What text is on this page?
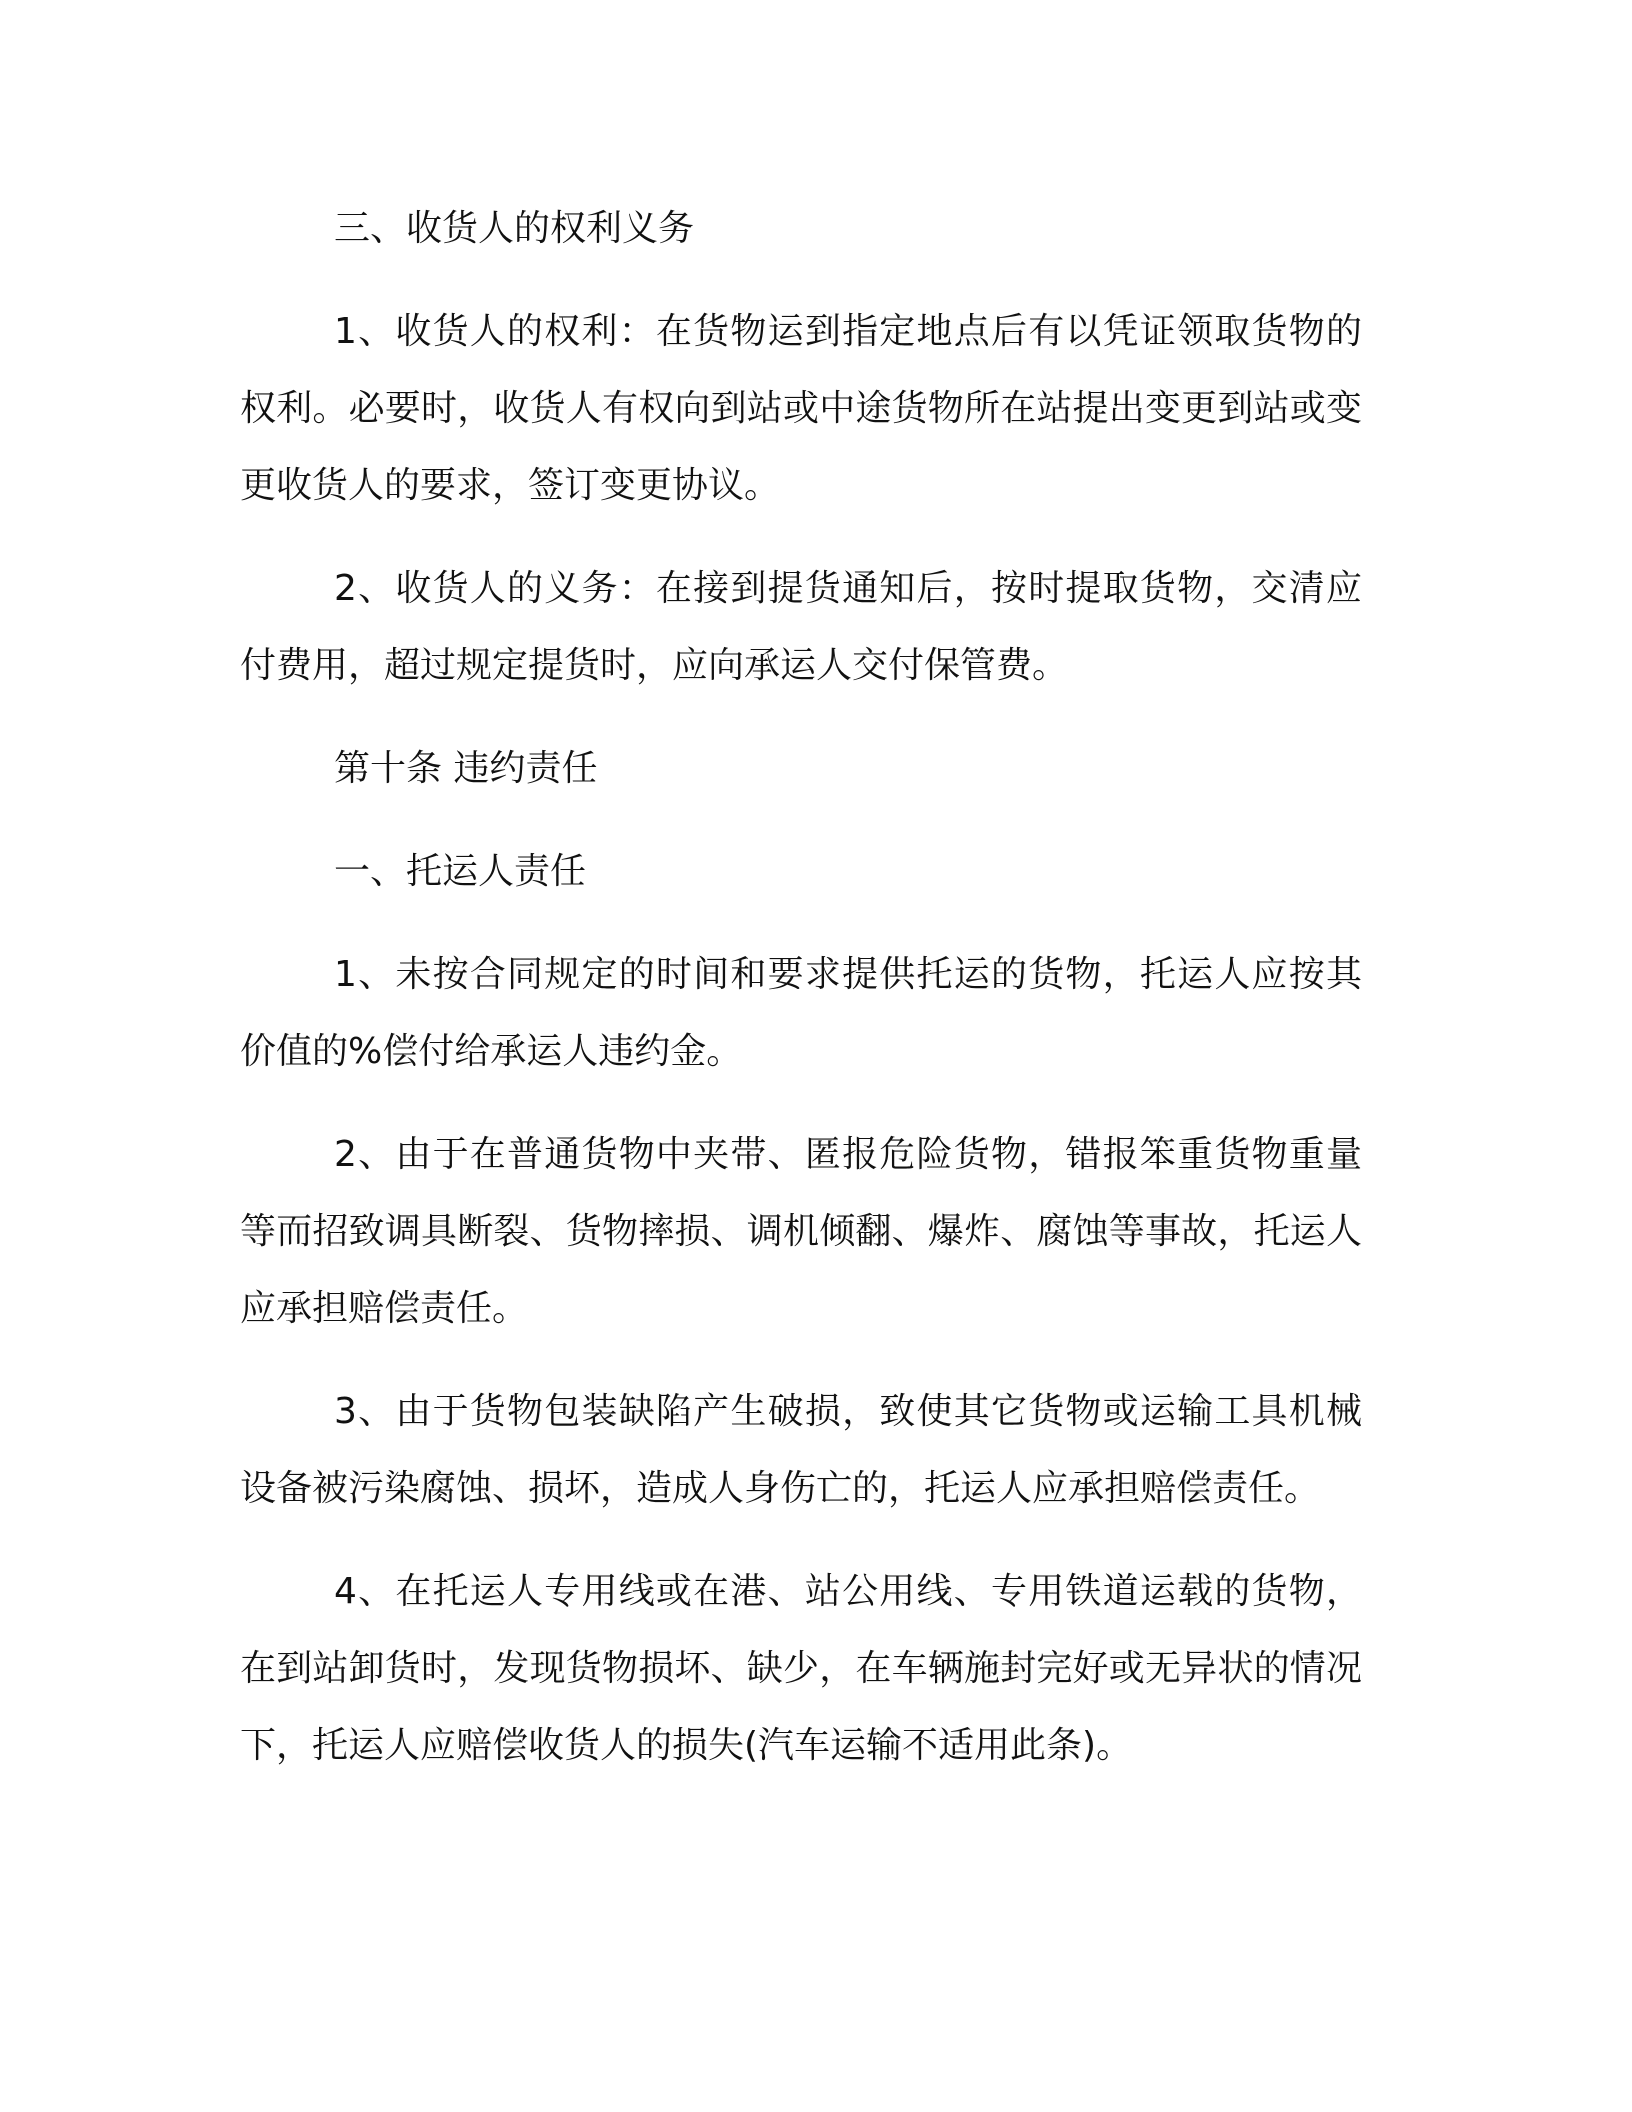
三、收货人的权利义务

1、收货人的权利：在货物运到指定地点后有以凭证领取货物的权利。必要时，收货人有权向到站或中途货物所在站提出变更到站或变更收货人的要求，签订变更协议。

2、收货人的义务：在接到提货通知后，按时提取货物，交清应付费用，超过规定提货时，应向承运人交付保管费。

第十条 违约责任

一、托运人责任

1、未按合同规定的时间和要求提供托运的货物，托运人应按其价值的%偿付给承运人违约金。

2、由于在普通货物中夹带、匿报危险货物，错报笨重货物重量等而招致调具断裂、货物摔损、调机倾翻、爆炸、腐蚀等事故，托运人应承担赔偿责任。

3、由于货物包装缺陷产生破损，致使其它货物或运输工具机械设备被污染腐蚀、损坏，造成人身伤亡的，托运人应承担赔偿责任。

4、在托运人专用线或在港、站公用线、专用铁道运载的货物，在到站卸货时，发现货物损坏、缺少，在车辆施封完好或无异状的情况下，托运人应赔偿收货人的损失(汽车运输不适用此条)。
